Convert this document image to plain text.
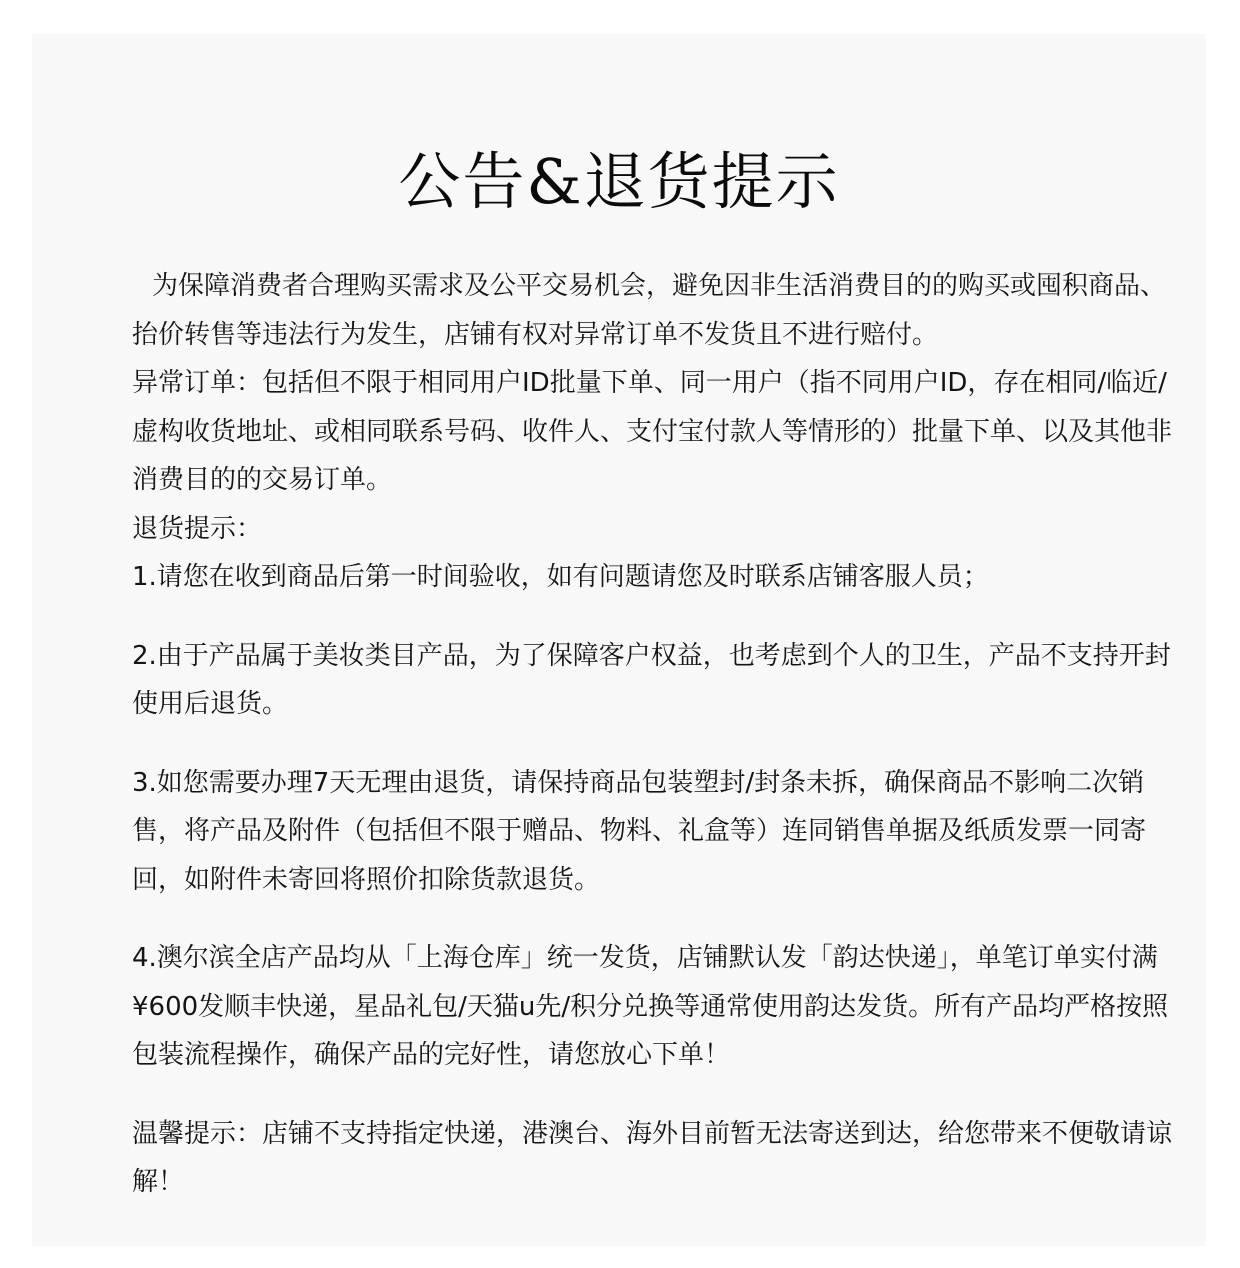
公告&退货提示

为保障消费者合理购买需求及公平交易机会，避免因非生活消费目的的购买或囤积商品、抬价转售等违法行为发生，店铺有权对异常订单不发货且不进行赔付。

异常订单：包括但不限于相同用户ID批量下单、同一用户（指不同用户ID，存在相同/临近/虚构收货地址、或相同联系号码、收件人、支付宝付款人等情形的）批量下单、以及其他非消费目的的交易订单。

退货提示：

1.请您在收到商品后第一时间验收，如有问题请您及时联系店铺客服人员；

2.由于产品属于美妆类目产品，为了保障客户权益，也考虑到个人的卫生，产品不支持开封使用后退货。

3.如您需要办理7天无理由退货，请保持商品包装塑封/封条未拆，确保商品不影响二次销售，将产品及附件（包括但不限于赠品、物料、礼盒等）连同销售单据及纸质发票一同寄回，如附件未寄回将照价扣除货款退货。

4.澳尔滨全店产品均从「上海仓库」统一发货，店铺默认发「韵达快递」，单笔订单实付满¥600发顺丰快递，星品礼包/天猫u先/积分兑换等通常使用韵达发货。所有产品均严格按照包装流程操作，确保产品的完好性，请您放心下单！

温馨提示：店铺不支持指定快递，港澳台、海外目前暂无法寄送到达，给您带来不便敬请谅解！
